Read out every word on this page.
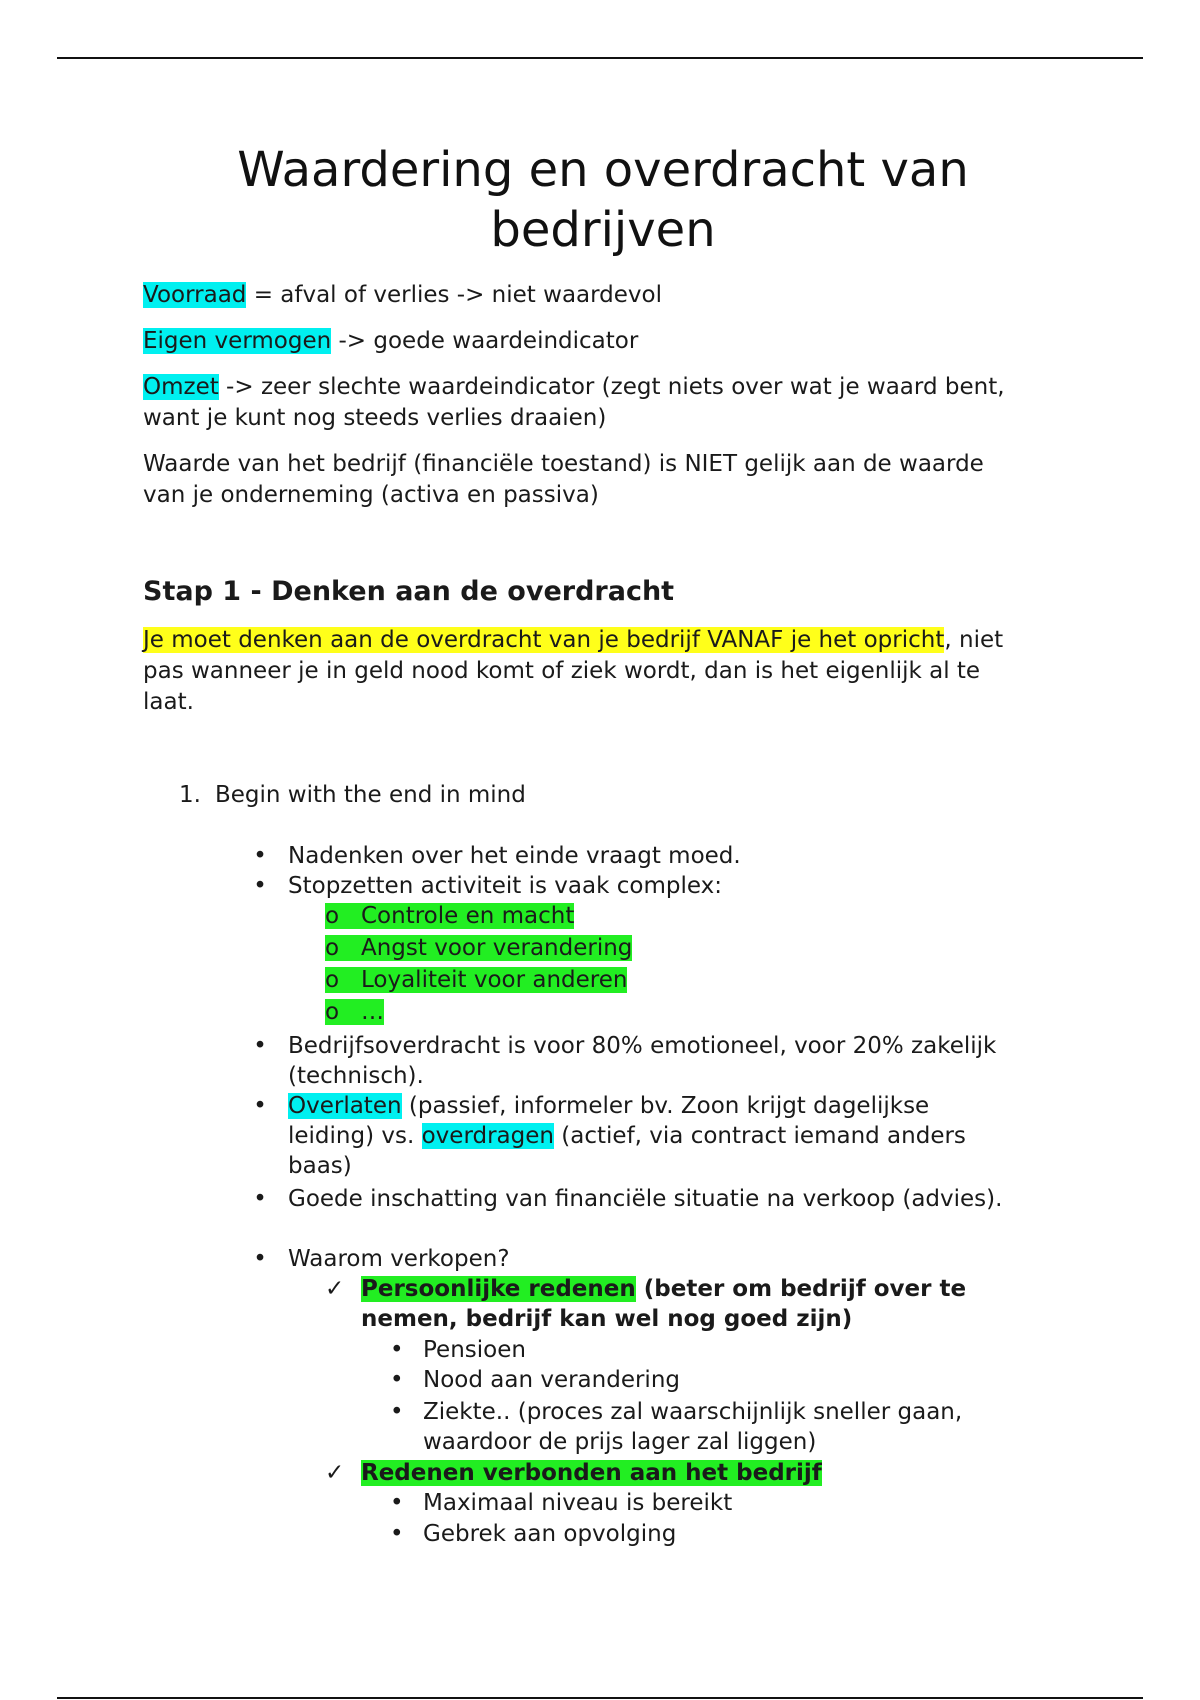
Waardering en overdracht van
bedrijven

Voorraad = afval of verlies -> niet waardevol

Eigen vermogen -> goede waardeindicator

Omzet -> zeer slechte waardeindicator (zegt niets over wat je waard bent,
want je kunt nog steeds verlies draaien)

Waarde van het bedrijf (financiële toestand) is NIET gelijk aan de waarde
van je onderneming (activa en passiva)

Stap 1 - Denken aan de overdracht

Je moet denken aan de overdracht van je bedrijf VANAF je het opricht, niet
pas wanneer je in geld nood komt of ziek wordt, dan is het eigenlijk al te
laat.

1. Begin with the end in mind
• Nadenken over het einde vraagt moed.
• Stopzetten activiteit is vaak complex:
o Controle en macht
o Angst voor verandering
o Loyaliteit voor anderen
o …
• Bedrijfsoverdracht is voor 80% emotioneel, voor 20% zakelijk
(technisch).
• Overlaten (passief, informeler bv. Zoon krijgt dagelijkse
leiding) vs. overdragen (actief, via contract iemand anders
baas)
• Goede inschatting van financiële situatie na verkoop (advies).
• Waarom verkopen?
✓ Persoonlijke redenen (beter om bedrijf over te nemen, bedrijf kan wel nog goed zijn)
• Pensioen
• Nood aan verandering
• Ziekte.. (proces zal waarschijnlijk sneller gaan,
waardoor de prijs lager zal liggen)
✓ Redenen verbonden aan het bedrijf
• Maximaal niveau is bereikt
• Gebrek aan opvolging
